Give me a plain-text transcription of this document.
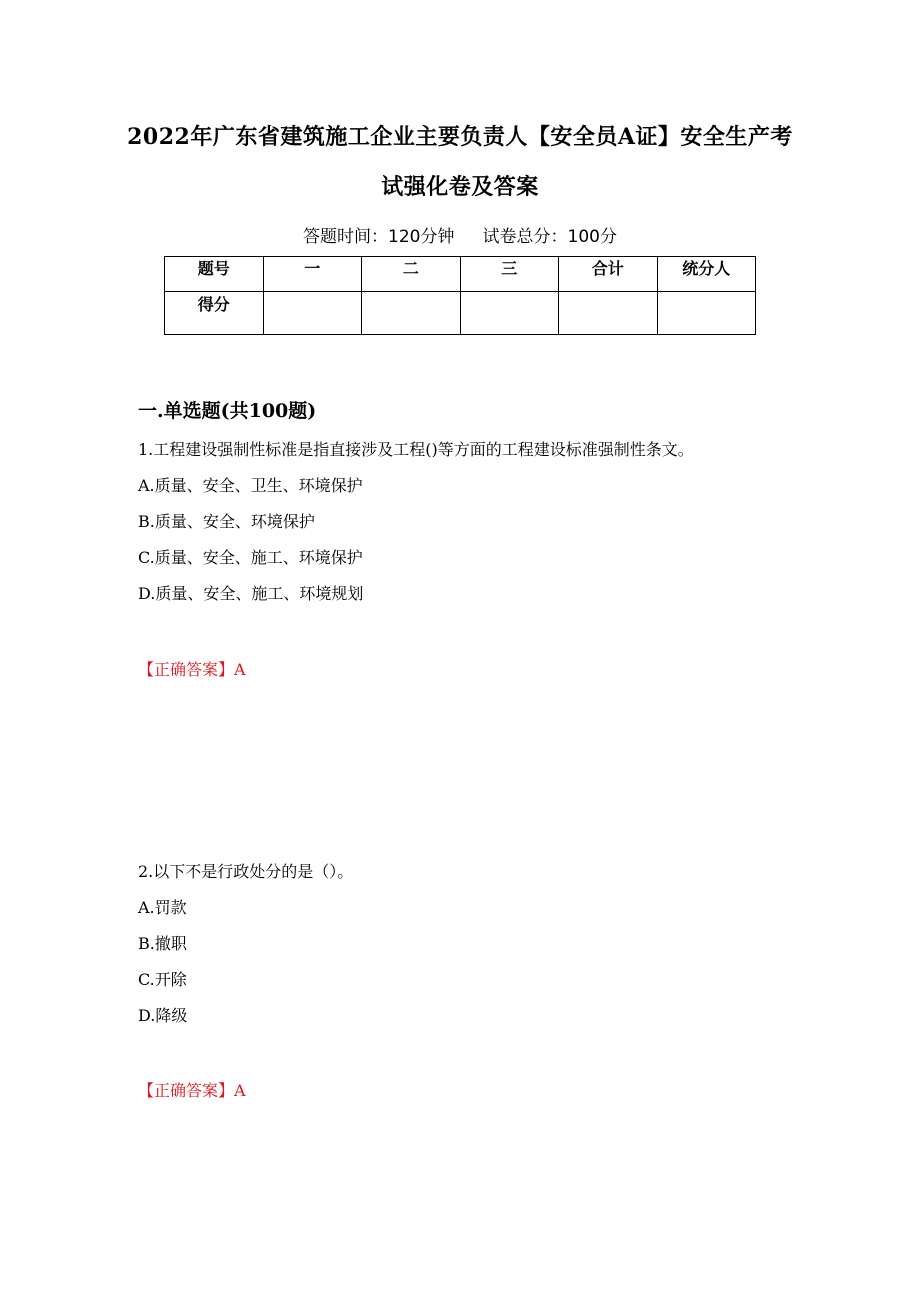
2022年广东省建筑施工企业主要负责人【安全员A证】安全生产考
试强化卷及答案
答题时间：120分钟 试卷总分：100分
题号	一	二	三	合计	统分人
得分					
一.单选题(共100题)
1.工程建设强制性标准是指直接涉及工程()等方面的工程建设标准强制性条文。
A.质量、安全、卫生、环境保护
B.质量、安全、环境保护
C.质量、安全、施工、环境保护
D.质量、安全、施工、环境规划
【正确答案】A
2.以下不是行政处分的是（）。
A.罚款
B.撤职
C.开除
D.降级
【正确答案】A
